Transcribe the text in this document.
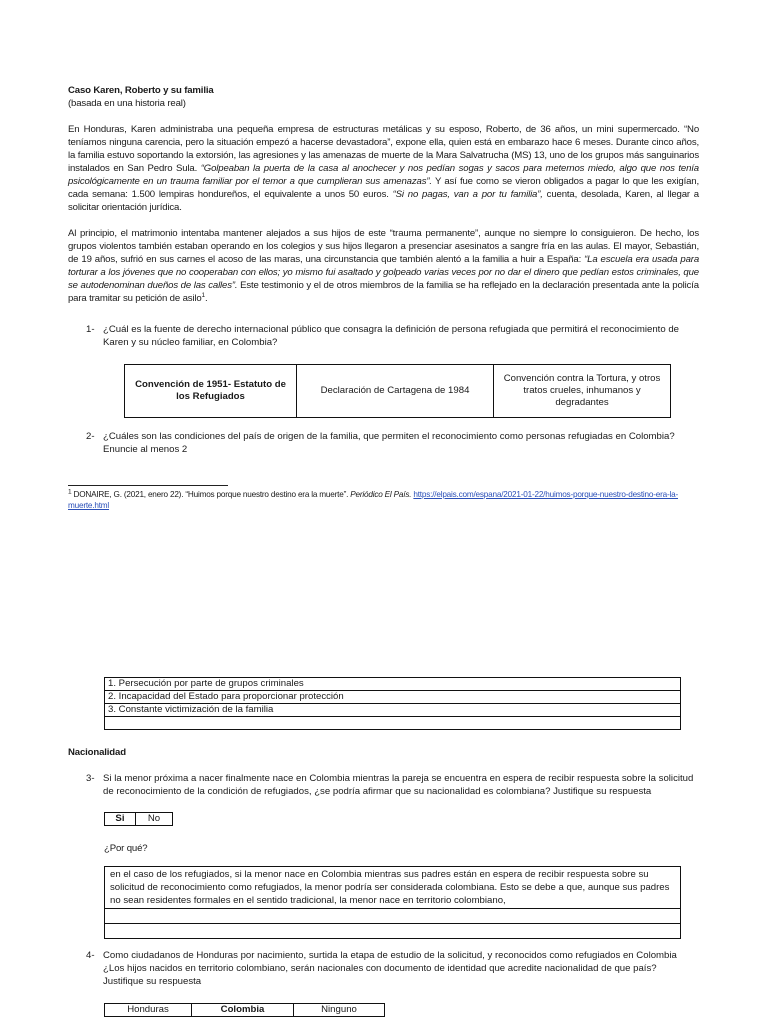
Caso Karen, Roberto y su familia

(basada en una historia real)

En Honduras, Karen administraba una pequeña empresa de estructuras metálicas y su esposo, Roberto, de 36 años, un mini supermercado. “No teníamos ninguna carencia, pero la situación empezó a hacerse devastadora”, expone ella, quien está en embarazo hace 6 meses. Durante cinco años, la familia estuvo soportando la extorsión, las agresiones y las amenazas de muerte de la Mara Salvatrucha (MS) 13, uno de los grupos más sanguinarios instalados en San Pedro Sula. “Golpeaban la puerta de la casa al anochecer y nos pedían sogas y sacos para meternos miedo, algo que nos tenía psicológicamente en un trauma familiar por el temor a que cumplieran sus amenazas”. Y así fue como se vieron obligados a pagar lo que les exigían, cada semana: 1.500 lempiras hondureños, el equivalente a unos 50 euros. “Si no pagas, van a por tu familia”, cuenta, desolada, Karen, al llegar a solicitar orientación jurídica.

Al principio, el matrimonio intentaba mantener alejados a sus hijos de este “trauma permanente”, aunque no siempre lo consiguieron. De hecho, los grupos violentos también estaban operando en los colegios y sus hijos llegaron a presenciar asesinatos a sangre fría en las aulas. El mayor, Sebastián, de 19 años, sufrió en sus carnes el acoso de las maras, una circunstancia que también alentó a la familia a huir a España: “La escuela era usada para torturar a los jóvenes que no cooperaban con ellos; yo mismo fui asaltado y golpeado varias veces por no dar el dinero que pedían estos criminales, que se autodenominan dueños de las calles”. Este testimonio y el de otros miembros de la familia se ha reflejado en la declaración presentada ante la policía para tramitar su petición de asilo$^1$.

1- ¿Cuál es la fuente de derecho internacional público que consagra la definición de persona refugiada que permitirá el reconocimiento de Karen y su núcleo familiar, en Colombia?
Convención de 1951- Estatuto de los Refugiados	Declaración de Cartagena de 1984	Convención contra la Tortura, y otros tratos crueles, inhumanos y degradantes
2- ¿Cuáles son las condiciones del país de origen de la familia, que permiten el reconocimiento como personas refugiadas en Colombia? Enuncie al menos 2

$^1$ DONAIRE, G. (2021, enero 22). “Huimos porque nuestro destino era la muerte”. Periódico El País. https://elpais.com/espana/2021-01-22/huimos-porque-nuestro-destino-era-la-muerte.html

1. Persecución por parte de grupos criminales
2. Incapacidad del Estado para proporcionar protección
3. Constante victimización de la familia

Nacionalidad

3- Si la menor próxima a nacer finalmente nace en Colombia mientras la pareja se encuentra en espera de recibir respuesta sobre la solicitud de reconocimiento de la condición de refugiados, ¿se podría afirmar que su nacionalidad es colombiana? Justifique su respuesta
Si	No

¿Por qué?

en el caso de los refugiados, si la menor nace en Colombia mientras sus padres están en espera de recibir respuesta sobre su solicitud de reconocimiento como refugiados, la menor podría ser considerada colombiana. Esto se debe a que, aunque sus padres no sean residentes formales en el sentido tradicional, la menor nace en territorio colombiano,

4- Como ciudadanos de Honduras por nacimiento, surtida la etapa de estudio de la solicitud, y reconocidos como refugiados en Colombia ¿Los hijos nacidos en territorio colombiano, serán nacionales con documento de identidad que acredite nacionalidad de que país? Justifique su respuesta
Honduras	Colombia	Ninguno
